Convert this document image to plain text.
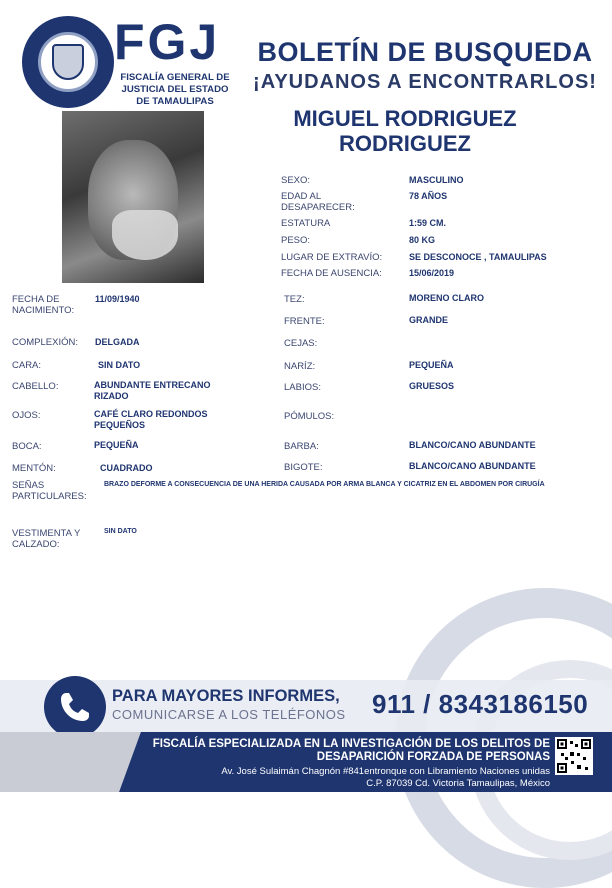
FGJ
FISCALÍA GENERAL DE JUSTICIA DEL ESTADO DE TAMAULIPAS
BOLETÍN DE BUSQUEDA
¡AYUDANOS A ENCONTRARLOS!
MIGUEL RODRIGUEZ RODRIGUEZ
SEXO:	MASCULINO
EDAD AL DESAPARECER:
78 AÑOS
ESTATURA	1:59 CM.
PESO:	80 KG
LUGAR DE EXTRAVÍO:	SE DESCONOCE , TAMAULIPAS
FECHA DE AUSENCIA:	15/06/2019
FECHA DE NACIMIENTO:
11/09/1940
COMPLEXIÓN: DELGADA
CARA:	SIN DATO
CABELLO:	ABUNDANTE ENTRECANO RIZADO
OJOS:	CAFÉ CLARO REDONDOS PEQUEÑOS
BOCA:	PEQUEÑA
MENTÓN:	CUADRADO
SEÑAS PARTICULARES:
BRAZO DEFORME A CONSECUENCIA DE UNA HERIDA CAUSADA POR ARMA BLANCA Y CICATRIZ EN EL ABDOMEN POR CIRUGÍA
VESTIMENTA Y CALZADO:
SIN DATO
TEZ:	MORENO CLARO
FRENTE:	GRANDE
CEJAS:
NARÍZ:	PEQUEÑA
LABIOS:	GRUESOS
PÓMULOS:
BARBA:	BLANCO/CANO ABUNDANTE
BIGOTE:	BLANCO/CANO ABUNDANTE
PARA MAYORES INFORMES,
COMUNICARSE A LOS TELÉFONOS 911 / 8343186150
FISCALÍA ESPECIALIZADA EN LA INVESTIGACIÓN DE LOS DELITOS DE DESAPARICIÓN FORZADA DE PERSONAS
Av. José Sulaimán Chagnón #841entronque con Libramiento Naciones unidas
C.P. 87039 Cd. Victoria Tamaulipas, México
